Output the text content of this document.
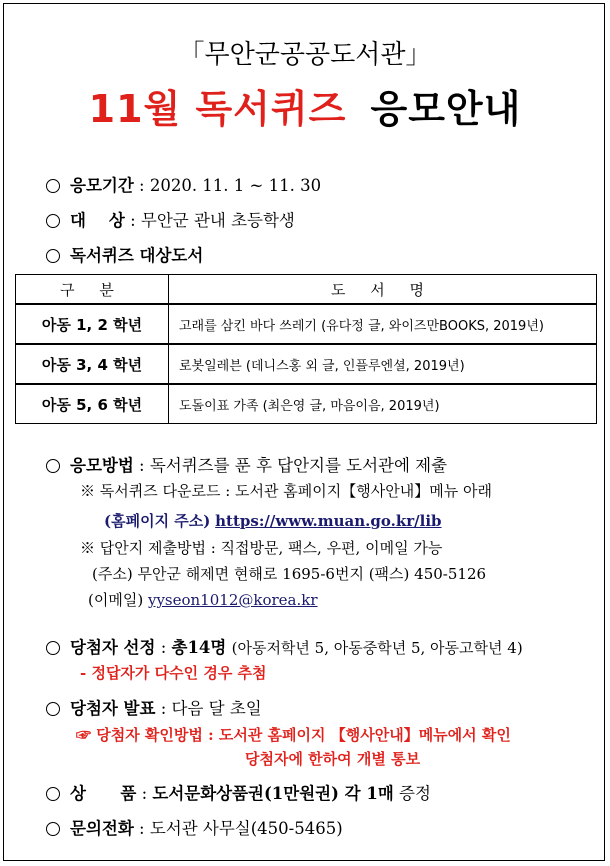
「무안군공공도서관」
11월 독서퀴즈 응모안내
응모기간 : 2020. 11. 1 ~ 11. 30
대    상 : 무안군 관내 초등학생
독서퀴즈 대상도서
구 분	도 서 명
아동 1, 2 학년	고래를 삼킨 바다 쓰레기 (유다정 글, 와이즈만BOOKS, 2019년)
아동 3, 4 학년	로봇일레븐 (데니스홍 외 글, 인플루엔셜, 2019년)
아동 5, 6 학년	도돌이표 가족 (최은영 글, 마음이음, 2019년)
응모방법 : 독서퀴즈를 푼 후 답안지를 도서관에 제출
※ 독서퀴즈 다운로드 : 도서관 홈페이지【행사안내】메뉴 아래
(홈페이지 주소) https://www.muan.go.kr/lib
※ 답안지 제출방법 : 직접방문, 팩스, 우편, 이메일 가능
(주소) 무안군 해제면 현해로 1695-6번지 (팩스) 450-5126
(이메일) yyseon1012@korea.kr
당첨자 선정 : 총14명 (아동저학년 5, 아동중학년 5, 아동고학년 4)
- 정답자가 다수인 경우 추첨
당첨자 발표 : 다음 달 초일
☞ 당첨자 확인방법 : 도서관 홈페이지 【행사안내】메뉴에서 확인
당첨자에 한하여 개별 통보
상      품 : 도서문화상품권(1만원권) 각 1매 증정
문의전화 : 도서관 사무실(450-5465)
